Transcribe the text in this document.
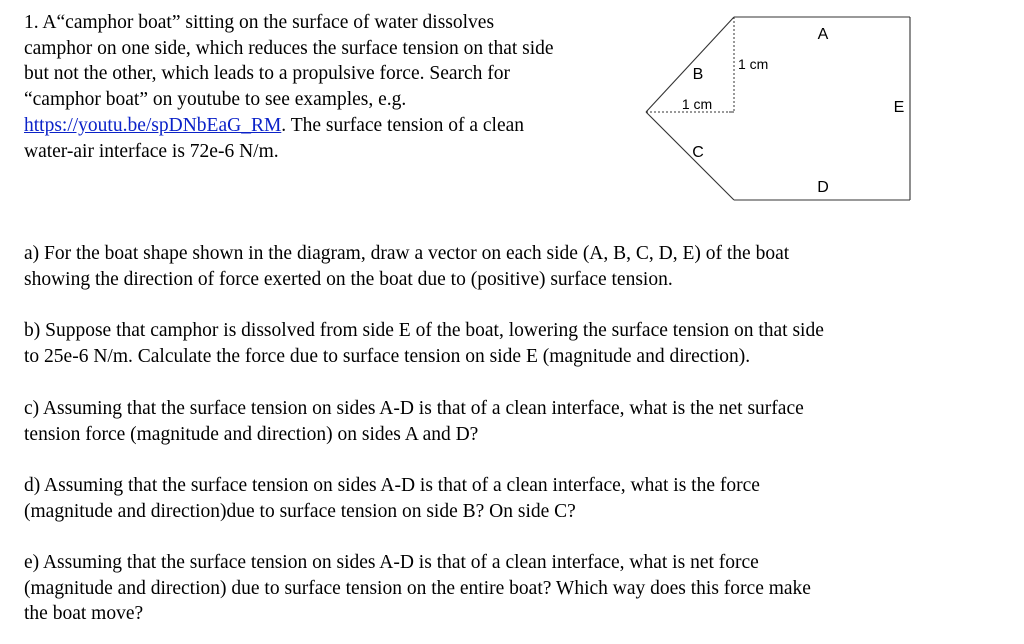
1. A“camphor boat” sitting on the surface of water dissolves
camphor on one side, which reduces the surface tension on that side
but not the other, which leads to a propulsive force. Search for
“camphor boat” on youtube to see examples, e.g.
https://youtu.be/spDNbEaG_RM. The surface tension of a clean
water-air interface is 72e-6 N/m.
A
B
1 cm
1 cm	E
C
D
a) For the boat shape shown in the diagram, draw a vector on each side (A, B, C, D, E) of the boat
showing the direction of force exerted on the boat due to (positive) surface tension.
b) Suppose that camphor is dissolved from side E of the boat, lowering the surface tension on that side
to 25e-6 N/m. Calculate the force due to surface tension on side E (magnitude and direction).
c) Assuming that the surface tension on sides A-D is that of a clean interface, what is the net surface
tension force (magnitude and direction) on sides A and D?
d) Assuming that the surface tension on sides A-D is that of a clean interface, what is the force
(magnitude and direction)due to surface tension on side B? On side C?
e) Assuming that the surface tension on sides A-D is that of a clean interface, what is net force
(magnitude and direction) due to surface tension on the entire boat? Which way does this force make
the boat move?
